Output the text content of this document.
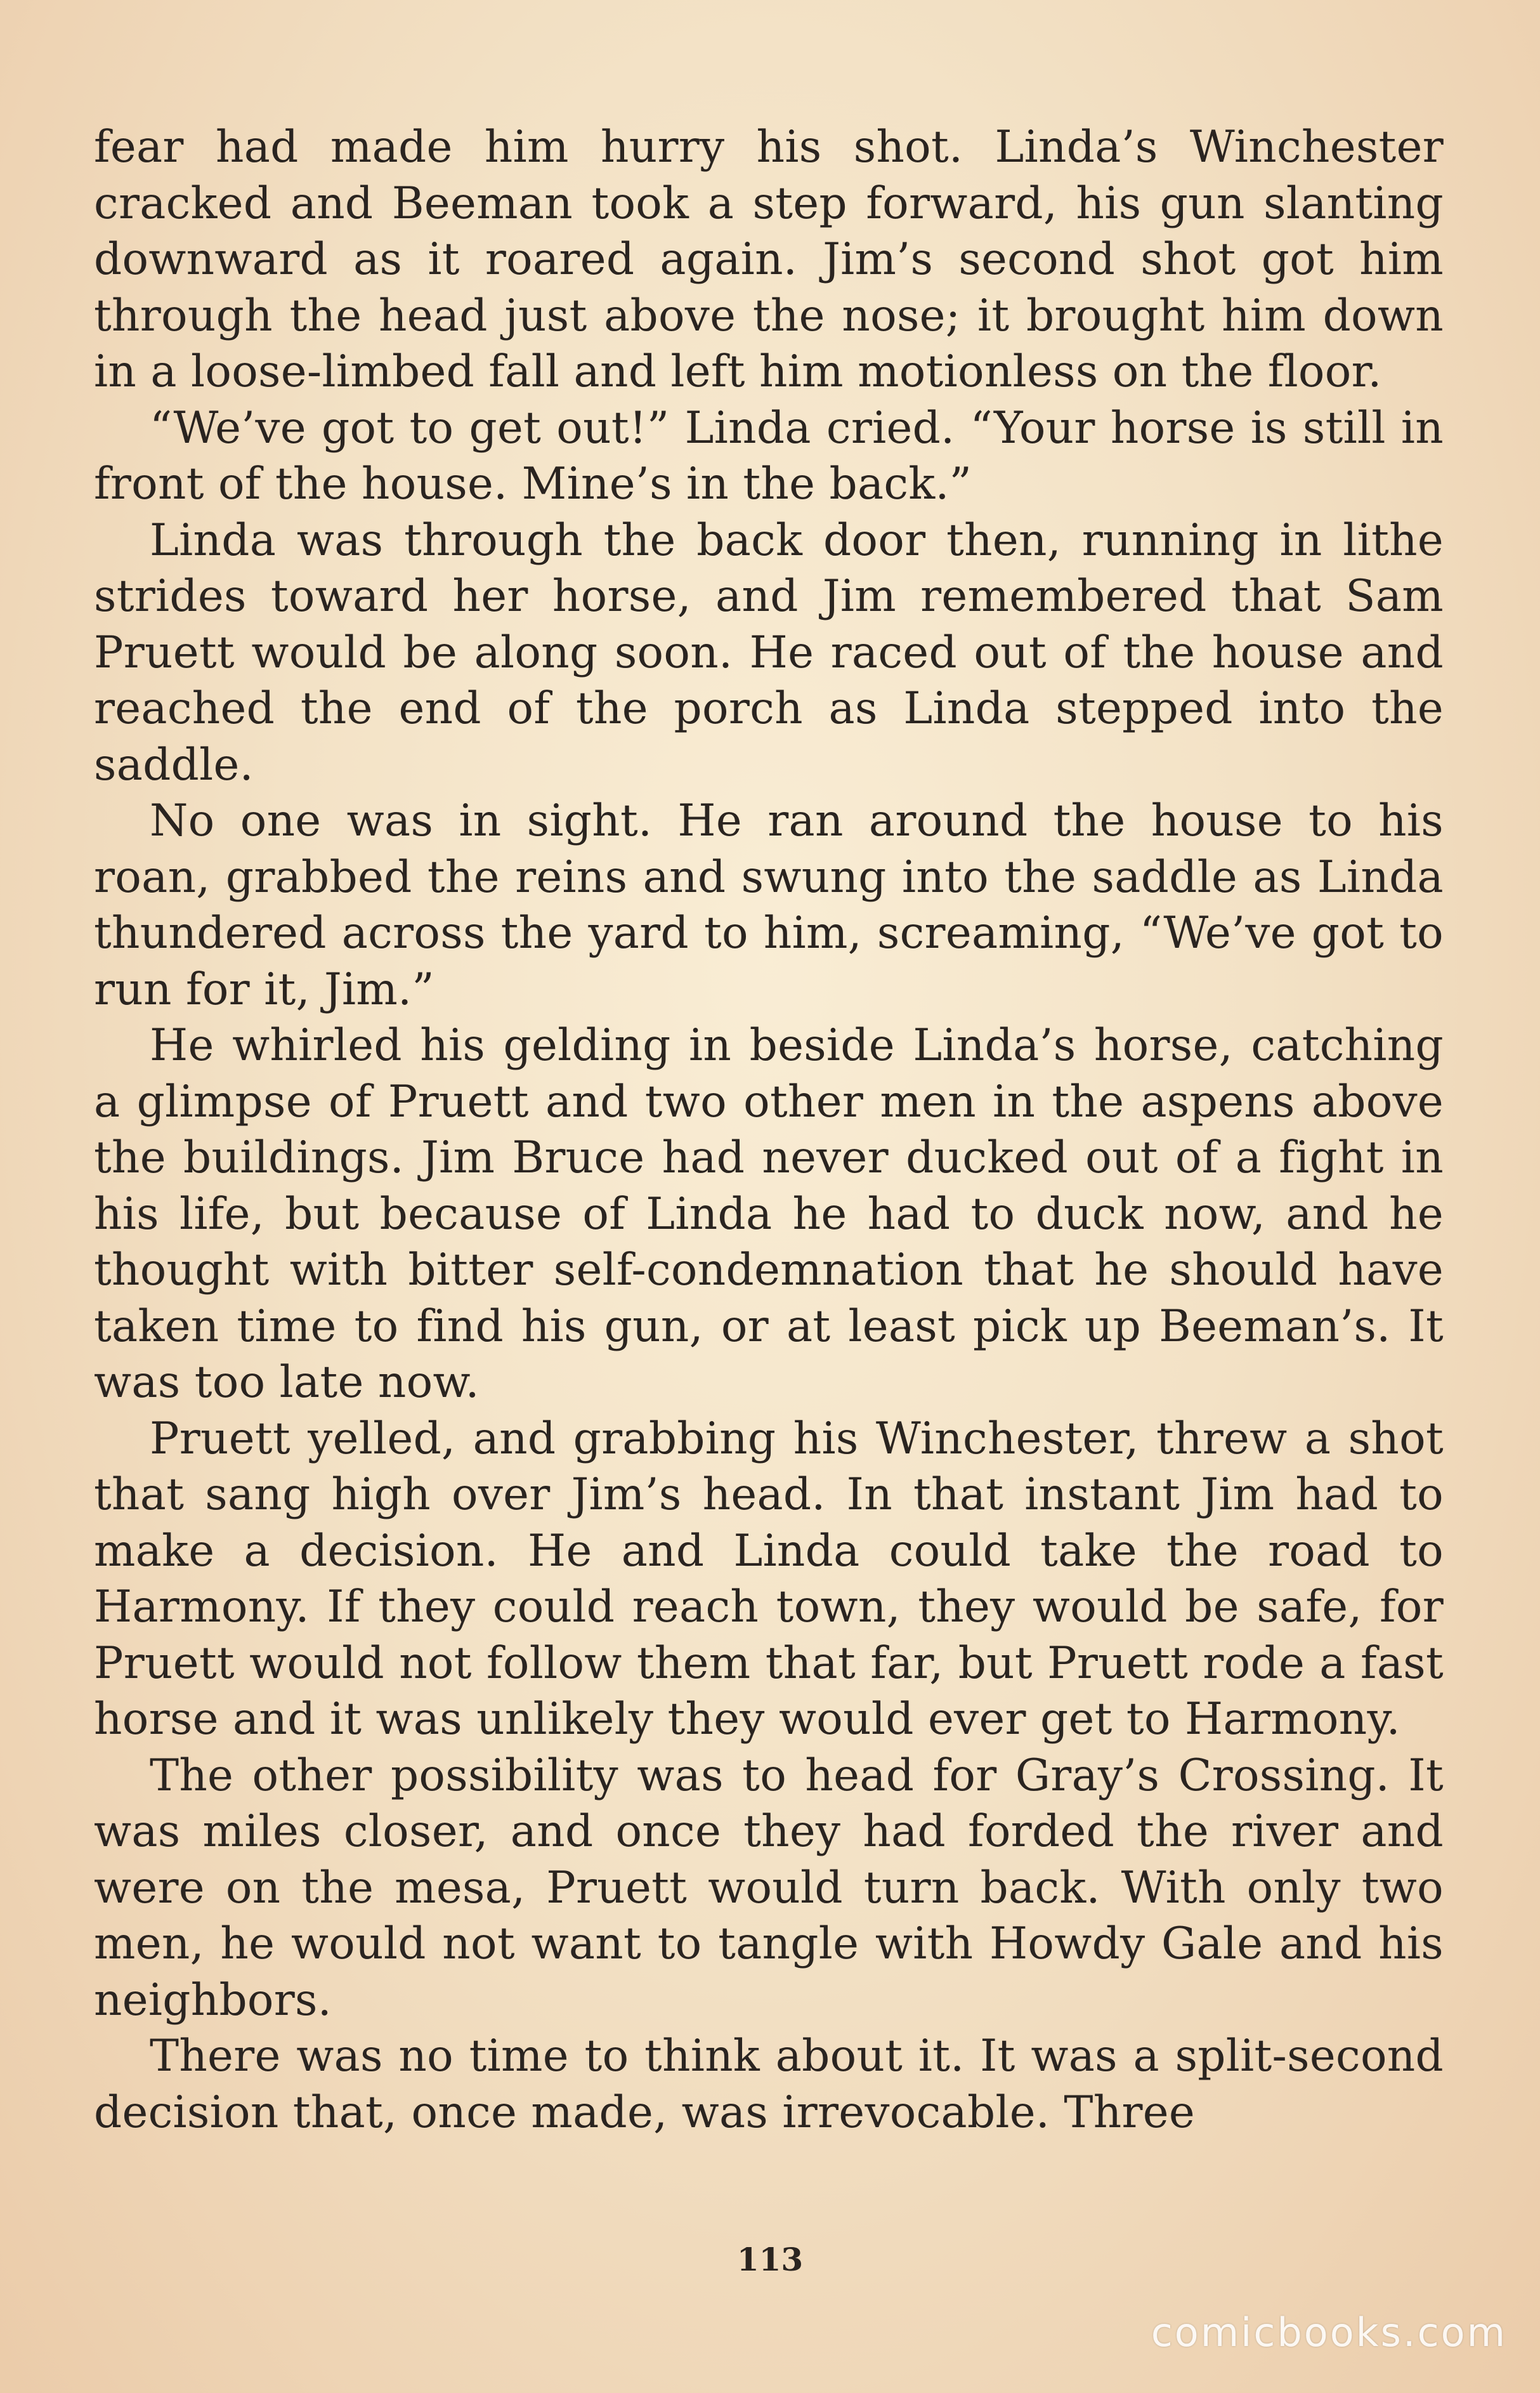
fear had made him hurry his shot. Linda’s Winchester cracked and Beeman took a step forward, his gun slanting downward as it roared again. Jim’s second shot got him through the head just above the nose; it brought him down in a loose-limbed fall and left him motionless on the floor.

“We’ve got to get out!” Linda cried. “Your horse is still in front of the house. Mine’s in the back.”

Linda was through the back door then, running in lithe strides toward her horse, and Jim remembered that Sam Pruett would be along soon. He raced out of the house and reached the end of the porch as Linda stepped into the saddle.

No one was in sight. He ran around the house to his roan, grabbed the reins and swung into the saddle as Linda thundered across the yard to him, screaming, “We’ve got to run for it, Jim.”

He whirled his gelding in beside Linda’s horse, catching a glimpse of Pruett and two other men in the aspens above the buildings. Jim Bruce had never ducked out of a fight in his life, but because of Linda he had to duck now, and he thought with bitter self-condemnation that he should have taken time to find his gun, or at least pick up Beeman’s. It was too late now.

Pruett yelled, and grabbing his Winchester, threw a shot that sang high over Jim’s head. In that instant Jim had to make a decision. He and Linda could take the road to Harmony. If they could reach town, they would be safe, for Pruett would not follow them that far, but Pruett rode a fast horse and it was unlikely they would ever get to Harmony.

The other possibility was to head for Gray’s Crossing. It was miles closer, and once they had forded the river and were on the mesa, Pruett would turn back. With only two men, he would not want to tangle with Howdy Gale and his neighbors.

There was no time to think about it. It was a split-second decision that, once made, was irrevocable. Three

113
comicbooks.com
